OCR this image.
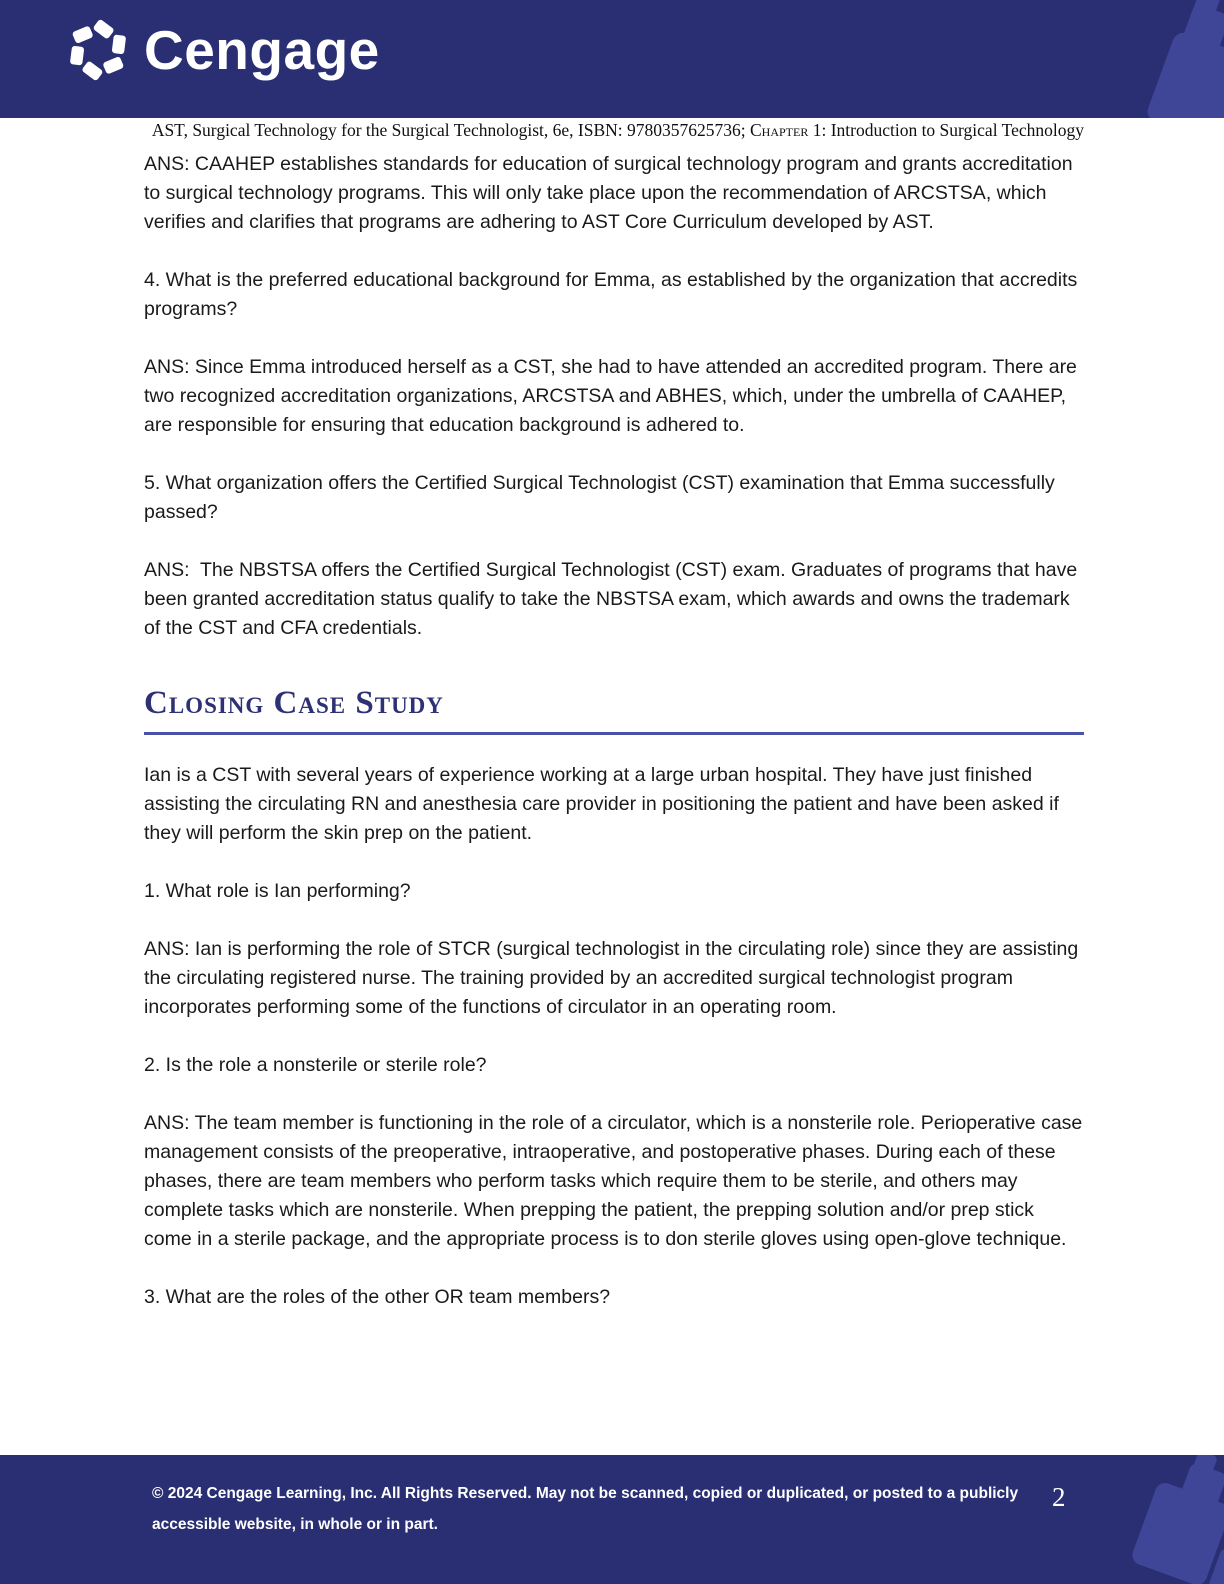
Cengage
AST, Surgical Technology for the Surgical Technologist, 6e, ISBN: 9780357625736; Chapter 1: Introduction to Surgical Technology

ANS: CAAHEP establishes standards for education of surgical technology program and grants accreditation to surgical technology programs. This will only take place upon the recommendation of ARCSTSA, which verifies and clarifies that programs are adhering to AST Core Curriculum developed by AST.

4. What is the preferred educational background for Emma, as established by the organization that accredits programs?

ANS: Since Emma introduced herself as a CST, she had to have attended an accredited program. There are two recognized accreditation organizations, ARCSTSA and ABHES, which, under the umbrella of CAAHEP, are responsible for ensuring that education background is adhered to.

5. What organization offers the Certified Surgical Technologist (CST) examination that Emma successfully passed?

ANS:  The NBSTSA offers the Certified Surgical Technologist (CST) exam. Graduates of programs that have been granted accreditation status qualify to take the NBSTSA exam, which awards and owns the trademark of the CST and CFA credentials.

Closing Case Study

Ian is a CST with several years of experience working at a large urban hospital. They have just finished assisting the circulating RN and anesthesia care provider in positioning the patient and have been asked if they will perform the skin prep on the patient.

1. What role is Ian performing?

ANS: Ian is performing the role of STCR (surgical technologist in the circulating role) since they are assisting the circulating registered nurse. The training provided by an accredited surgical technologist program incorporates performing some of the functions of circulator in an operating room.

2. Is the role a nonsterile or sterile role?

ANS: The team member is functioning in the role of a circulator, which is a nonsterile role. Perioperative case management consists of the preoperative, intraoperative, and postoperative phases. During each of these phases, there are team members who perform tasks which require them to be sterile, and others may complete tasks which are nonsterile. When prepping the patient, the prepping solution and/or prep stick come in a sterile package, and the appropriate process is to don sterile gloves using open-glove technique.

3. What are the roles of the other OR team members?

© 2024 Cengage Learning, Inc. All Rights Reserved. May not be scanned, copied or duplicated, or posted to a publicly accessible website, in whole or in part.

2
